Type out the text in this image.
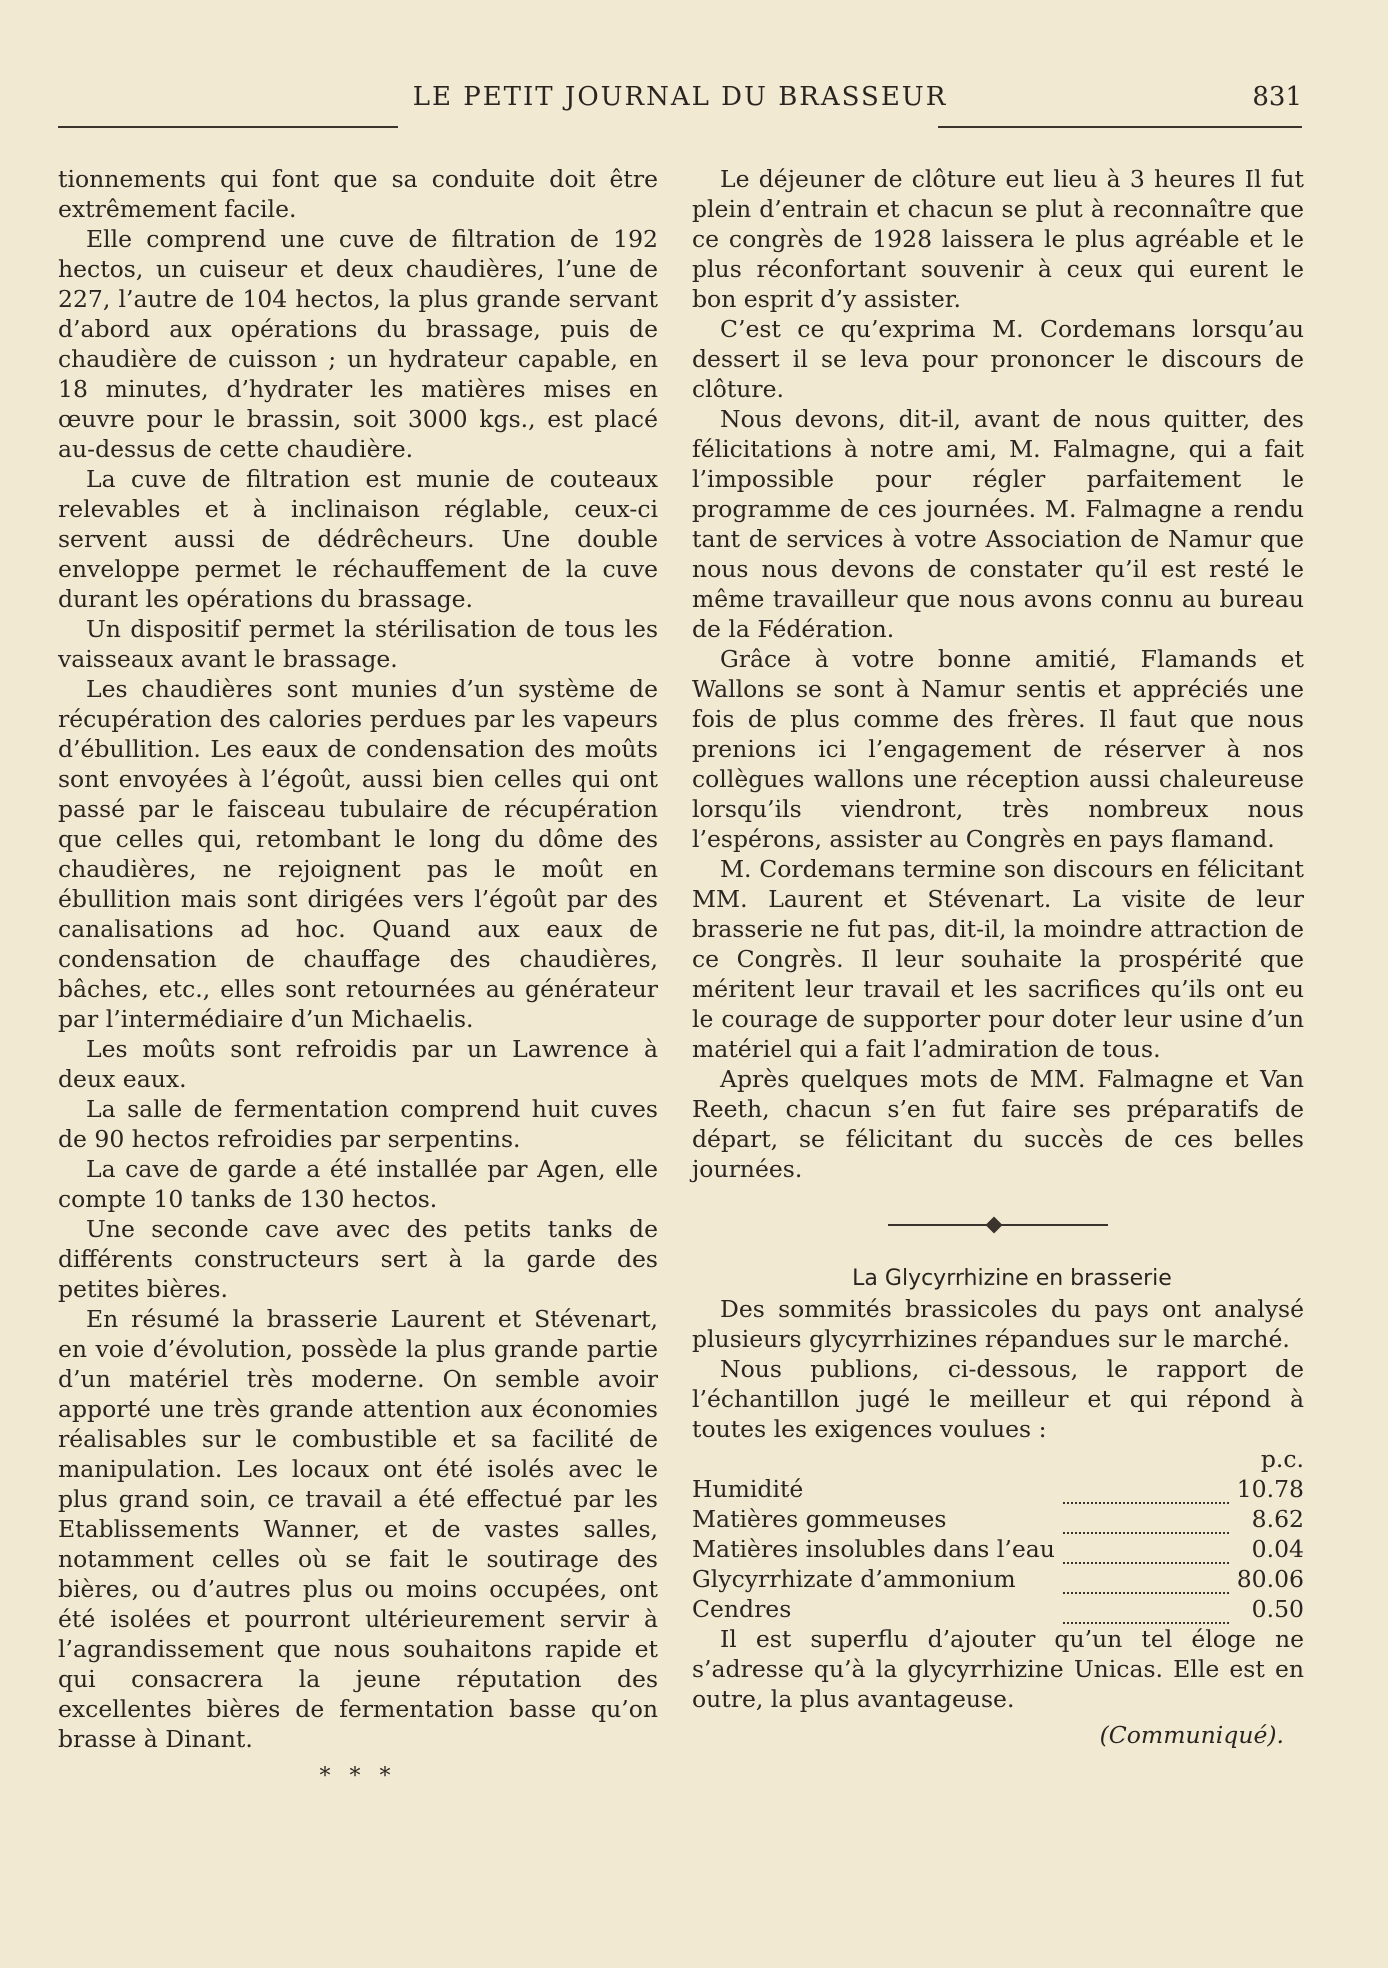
LE PETIT JOURNAL DU BRASSEUR	831

tionnements qui font que sa conduite doit être extrêmement facile.

Elle comprend une cuve de filtration de 192 hectos, un cuiseur et deux chaudières, l’une de 227, l’autre de 104 hectos, la plus grande servant d’abord aux opérations du brassage, puis de chaudière de cuisson ; un hydrateur capable, en 18 minutes, d’hydrater les matières mises en œuvre pour le brassin, soit 3000 kgs., est placé au-dessus de cette chaudière.

La cuve de filtration est munie de couteaux relevables et à inclinaison réglable, ceux-ci servent aussi de dédrêcheurs. Une double enveloppe permet le réchauffement de la cuve durant les opérations du brassage.

Un dispositif permet la stérilisation de tous les vaisseaux avant le brassage.

Les chaudières sont munies d’un système de récupération des calories perdues par les vapeurs d’ébullition. Les eaux de condensation des moûts sont envoyées à l’égoût, aussi bien celles qui ont passé par le faisceau tubulaire de récupération que celles qui, retombant le long du dôme des chaudières, ne rejoignent pas le moût en ébullition mais sont dirigées vers l’égoût par des canalisations ad hoc. Quand aux eaux de condensation de chauffage des chaudières, bâches, etc., elles sont retournées au générateur par l’intermédiaire d’un Michaelis.

Les moûts sont refroidis par un Lawrence à deux eaux.

La salle de fermentation comprend huit cuves de 90 hectos refroidies par serpentins.

La cave de garde a été installée par Agen, elle compte 10 tanks de 130 hectos.

Une seconde cave avec des petits tanks de différents constructeurs sert à la garde des petites bières.

En résumé la brasserie Laurent et Stévenart, en voie d’évolution, possède la plus grande partie d’un matériel très moderne. On semble avoir apporté une très grande attention aux économies réalisables sur le combustible et sa facilité de manipulation. Les locaux ont été isolés avec le plus grand soin, ce travail a été effectué par les Etablissements Wanner, et de vastes salles, notamment celles où se fait le soutirage des bières, ou d’autres plus ou moins occupées, ont été isolées et pourront ultérieurement servir à l’agrandissement que nous souhaitons rapide et qui consacrera la jeune réputation des excellentes bières de fermentation basse qu’on brasse à Dinant.

* * *

Le déjeuner de clôture eut lieu à 3 heures Il fut plein d’entrain et chacun se plut à reconnaître que ce congrès de 1928 laissera le plus agréable et le plus réconfortant souvenir à ceux qui eurent le bon esprit d’y assister.

C’est ce qu’exprima M. Cordemans lorsqu’au dessert il se leva pour prononcer le discours de clôture.

Nous devons, dit-il, avant de nous quitter, des félicitations à notre ami, M. Falmagne, qui a fait l’impossible pour régler parfaitement le programme de ces journées. M. Falmagne a rendu tant de services à votre Association de Namur que nous nous devons de constater qu’il est resté le même travailleur que nous avons connu au bureau de la Fédération.

Grâce à votre bonne amitié, Flamands et Wallons se sont à Namur sentis et appréciés une fois de plus comme des frères. Il faut que nous prenions ici l’engagement de réserver à nos collègues wallons une réception aussi chaleureuse lorsqu’ils viendront, très nombreux nous l’espérons, assister au Congrès en pays flamand.

M. Cordemans termine son discours en félicitant MM. Laurent et Stévenart. La visite de leur brasserie ne fut pas, dit-il, la moindre attraction de ce Congrès. Il leur souhaite la prospérité que méritent leur travail et les sacrifices qu’ils ont eu le courage de supporter pour doter leur usine d’un matériel qui a fait l’admiration de tous.

Après quelques mots de MM. Falmagne et Van Reeth, chacun s’en fut faire ses préparatifs de départ, se félicitant du succès de ces belles journées.

La Glycyrrhizine en brasserie

Des sommités brassicoles du pays ont analysé plusieurs glycyrrhizines répandues sur le marché.

Nous publions, ci-dessous, le rapport de l’échantillon jugé le meilleur et qui répond à toutes les exigences voulues :

		p.c.
Humidité		10.78
Matières gommeuses		8.62
Matières insolubles dans l’eau		0.04
Glycyrrhizate d’ammonium		80.06
Cendres		0.50

Il est superflu d’ajouter qu’un tel éloge ne s’adresse qu’à la glycyrrhizine Unicas. Elle est en outre, la plus avantageuse.

(Communiqué).
